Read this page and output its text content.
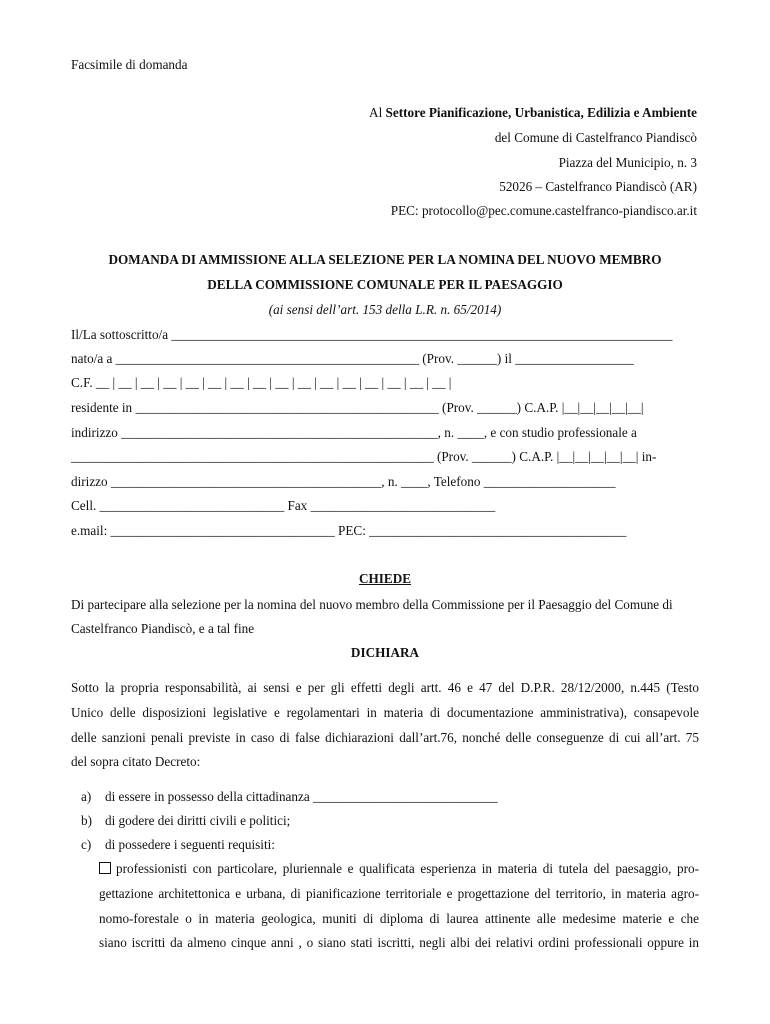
Facsimile di domanda
Al Settore Pianificazione, Urbanistica, Edilizia e Ambiente
del Comune di Castelfranco Piandiscò
Piazza del Municipio, n. 3
52026 – Castelfranco Piandiscò (AR)
PEC: protocollo@pec.comune.castelfranco-piandisco.ar.it
DOMANDA DI AMMISSIONE ALLA SELEZIONE PER LA NOMINA DEL NUOVO MEMBRO
DELLA COMMISSIONE COMUNALE PER IL PAESAGGIO
(ai sensi dell’art. 153 della L.R. n. 65/2014)
Il/La sottoscritto/a ____________________________________________________________________________
nato/a a ______________________________________________ (Prov. ______) il __________________
C.F. __ | __ | __ | __ | __ | __ | __ | __ | __ | __ | __ | __ | __ | __ | __ | __ |
residente in ______________________________________________ (Prov. ______) C.A.P. |__|__|__|__|__|
indirizzo ________________________________________________, n. ____, e con studio professionale a
_______________________________________________________ (Prov. ______) C.A.P. |__|__|__|__|__| in-
dirizzo _________________________________________, n. ____, Telefono ____________________
Cell. ____________________________ Fax ____________________________
e.mail: __________________________________ PEC: _______________________________________
CHIEDE
Di partecipare alla selezione per la nomina del nuovo membro della Commissione per il Paesaggio del Comune di
Castelfranco Piandiscò, e a tal fine
DICHIARA
Sotto la propria responsabilità, ai sensi e per gli effetti degli artt. 46 e 47 del D.P.R. 28/12/2000, n.445 (Testo
Unico delle disposizioni legislative e regolamentari in materia di documentazione amministrativa), consapevole
delle sanzioni penali previste in caso di false dichiarazioni dall’art.76, nonché delle conseguenze di cui all’art. 75
del sopra citato Decreto:
a) di essere in possesso della cittadinanza ____________________________
b) di godere dei diritti civili e politici;
c) di possedere i seguenti requisiti:
professionisti con particolare, pluriennale e qualificata esperienza in materia di tutela del paesaggio, pro-
gettazione architettonica e urbana, di pianificazione territoriale e progettazione del territorio, in materia agro-
nomo-forestale o in materia geologica, muniti di diploma di laurea attinente alle medesime materie e che
siano iscritti da almeno cinque anni , o siano stati iscritti, negli albi dei relativi ordini professionali oppure in
